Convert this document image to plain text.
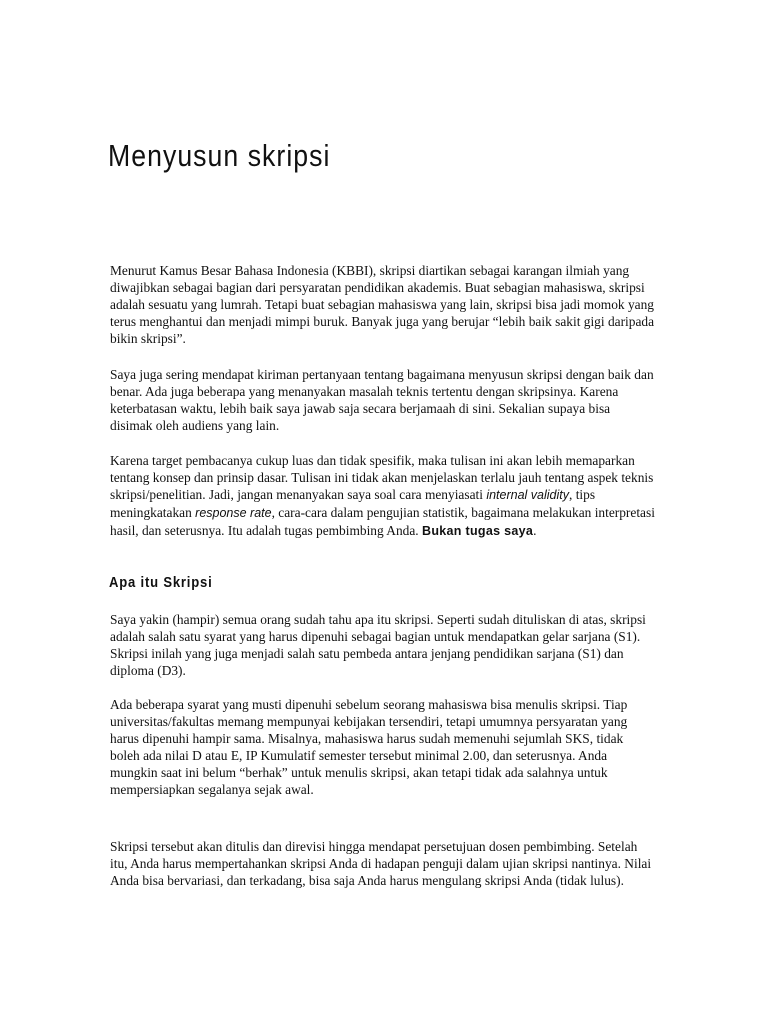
Menyusun skripsi

Menurut Kamus Besar Bahasa Indonesia (KBBI), skripsi diartikan sebagai karangan ilmiah yang diwajibkan sebagai bagian dari persyaratan pendidikan akademis. Buat sebagian mahasiswa, skripsi adalah sesuatu yang lumrah. Tetapi buat sebagian mahasiswa yang lain, skripsi bisa jadi momok yang terus menghantui dan menjadi mimpi buruk. Banyak juga yang berujar “lebih baik sakit gigi daripada bikin skripsi”.

Saya juga sering mendapat kiriman pertanyaan tentang bagaimana menyusun skripsi dengan baik dan benar. Ada juga beberapa yang menanyakan masalah teknis tertentu dengan skripsinya. Karena keterbatasan waktu, lebih baik saya jawab saja secara berjamaah di sini. Sekalian supaya bisa disimak oleh audiens yang lain.

Karena target pembacanya cukup luas dan tidak spesifik, maka tulisan ini akan lebih memaparkan tentang konsep dan prinsip dasar. Tulisan ini tidak akan menjelaskan terlalu jauh tentang aspek teknis skripsi/penelitian. Jadi, jangan menanyakan saya soal cara menyiasati internal validity, tips meningkatakan response rate, cara-cara dalam pengujian statistik, bagaimana melakukan interpretasi hasil, dan seterusnya. Itu adalah tugas pembimbing Anda. Bukan tugas saya.

Apa itu Skripsi

Saya yakin (hampir) semua orang sudah tahu apa itu skripsi. Seperti sudah dituliskan di atas, skripsi adalah salah satu syarat yang harus dipenuhi sebagai bagian untuk mendapatkan gelar sarjana (S1). Skripsi inilah yang juga menjadi salah satu pembeda antara jenjang pendidikan sarjana (S1) dan diploma (D3).

Ada beberapa syarat yang musti dipenuhi sebelum seorang mahasiswa bisa menulis skripsi. Tiap universitas/fakultas memang mempunyai kebijakan tersendiri, tetapi umumnya persyaratan yang harus dipenuhi hampir sama. Misalnya, mahasiswa harus sudah memenuhi sejumlah SKS, tidak boleh ada nilai D atau E, IP Kumulatif semester tersebut minimal 2.00, dan seterusnya. Anda mungkin saat ini belum “berhak” untuk menulis skripsi, akan tetapi tidak ada salahnya untuk mempersiapkan segalanya sejak awal.

Skripsi tersebut akan ditulis dan direvisi hingga mendapat persetujuan dosen pembimbing. Setelah itu, Anda harus mempertahankan skripsi Anda di hadapan penguji dalam ujian skripsi nantinya. Nilai Anda bisa bervariasi, dan terkadang, bisa saja Anda harus mengulang skripsi Anda (tidak lulus).
